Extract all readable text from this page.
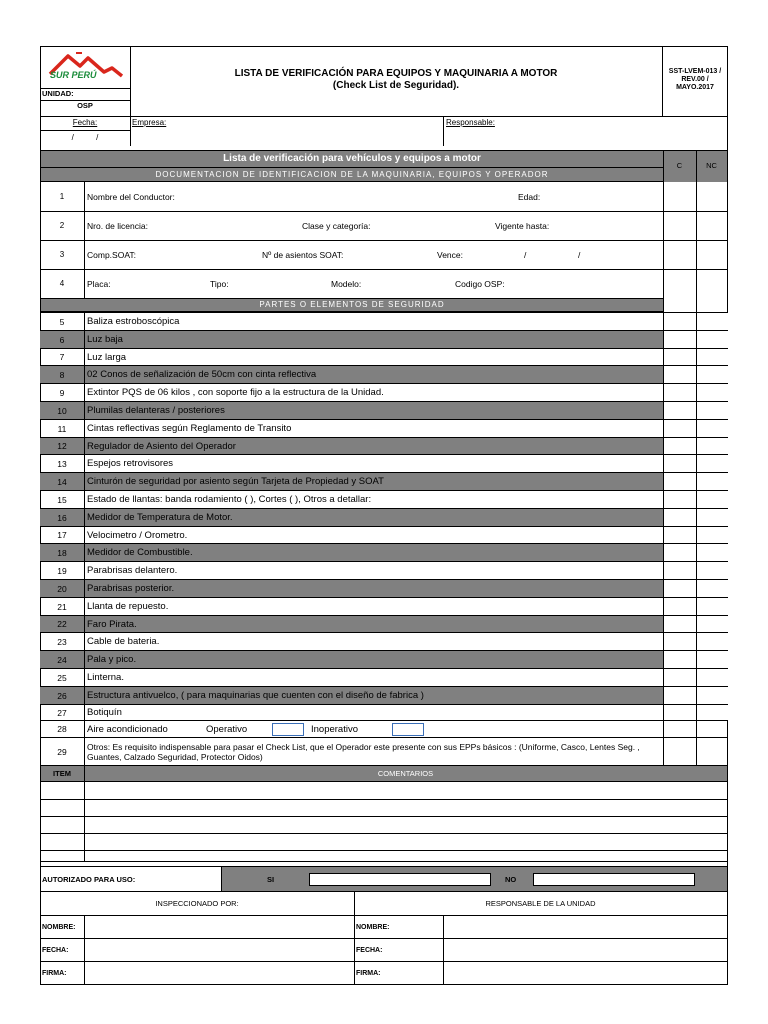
SUR PERÚ
UNIDAD:
OSP
LISTA DE VERIFICACIÓN PARA EQUIPOS Y MAQUINARIA A MOTOR
(Check List de Seguridad).
SST-LVEM-013 /
REV.00 /
MAYO.2017
Fecha:
/          /
Empresa:	Responsable:
Lista de verificación para vehículos y equipos a motor
DOCUMENTACION DE IDENTIFICACION DE LA MAQUINARIA, EQUIPOS Y OPERADOR
C	NC
1	Nombre del Conductor:	Edad:
2	Nro. de licencia:	Clase y categoría:	Vigente hasta:
3	Comp.SOAT:	Nº de asientos SOAT:	Vence:	/	/
4	Placa:	Tipo:	Modelo:	Codigo OSP:
PARTES O ELEMENTOS DE SEGURIDAD
5	Baliza estroboscópica
6	Luz baja
7	Luz larga
8	02 Conos de señalización de 50cm con cinta reflectiva
9	Extintor PQS de 06 kilos , con soporte fijo a la estructura de la Unidad.
10	Plumilas delanteras / posteriores
11	Cintas reflectivas según Reglamento de Transito
12	Regulador de Asiento del Operador
13	Espejos retrovisores
14	Cinturón de seguridad por asiento según Tarjeta de Propiedad y SOAT
15	Estado de llantas: banda rodamiento ( ), Cortes ( ), Otros a detallar:
16	Medidor de Temperatura de Motor.
17	Velocimetro / Orometro.
18	Medidor de Combustible.
19	Parabrisas delantero.
20	Parabrisas posterior.
21	Llanta de repuesto.
22	Faro Pirata.
23	Cable de bateria.
24	Pala y pico.
25	Linterna.
26	Estructura antivuelco, ( para maquinarias que cuenten con el diseño de fabrica )
27	Botiquín
28	Aire acondicionado	Operativo	Inoperativo
29	Otros: Es requisito indispensable para pasar el Check List, que el Operador este presente con sus EPPs básicos : (Uniforme, Casco, Lentes Seg. ,
Guantes, Calzado Seguridad, Protector Oidos)
ITEM	COMENTARIOS
AUTORIZADO PARA USO:	SI	NO
INSPECCIONADO POR:	RESPONSABLE DE LA UNIDAD
NOMBRE:
FECHA:
FIRMA:
NOMBRE:
FECHA:
FIRMA:
